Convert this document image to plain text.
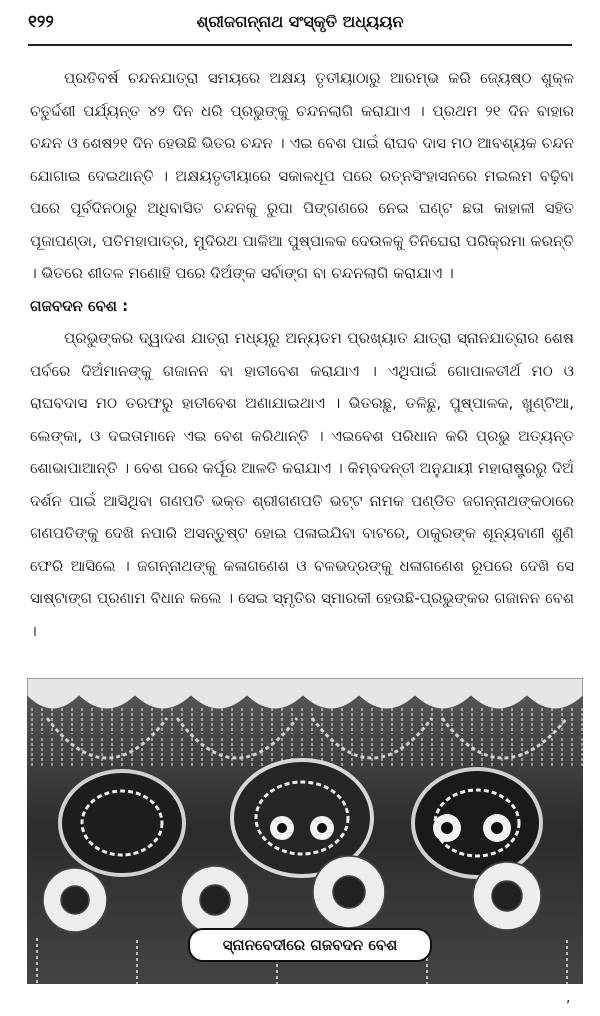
୧୨୨	ଶ୍ରୀଜଗନ୍ନାଥ ସଂସ୍କୃତି ଅଧ୍ୟୟନ

ପ୍ରତିବର୍ଷ ଚନ୍ଦନଯାତ୍ରା ସମୟରେ ଅକ୍ଷୟ ତୃତୀୟାଠାରୁ ଆରମ୍ଭ କରି ଜ୍ୟେଷ୍ଠ ଶୁକ୍ଳ ଚତୁର୍ଦ୍ଦଶୀ ପର୍ଯ୍ୟନ୍ତ ୪୨ ଦିନ ଧରି ପ୍ରଭୁଙ୍କୁ ଚନ୍ଦନଲାଗି କରାଯାଏ । ପ୍ରଥମ ୨୧ ଦିନ ବାହାର ଚନ୍ଦନ ଓ ଶେଷ୨୧ ଦିନ ହେଉଛି ଭିତର ଚନ୍ଦନ । ଏଇ ବେଶ ପାଇଁ ରାଘବ ଦାସ ମଠ ଆବଶ୍ୟକ ଚନ୍ଦନ ଯୋଗାଇ ଦେଇଥାନ୍ତି । ଅକ୍ଷୟତୃତୀୟାରେ ସକାଳଧୂପ ପରେ ରତ୍ନସିଂହାସନରେ ମଇଲମ ବଢ଼ିବା ପରେ ପୂର୍ବଦିନଠାରୁ ଅଧିବାସିତ ଚନ୍ଦନକୁ ରୁପା ପିଙ୍ଗଣରେ ନେଇ ଘଣ୍ଟ ଛତା କାହାଳୀ ସହିତ ପୂଜାପଣ୍ଡା, ପତିମହାପାତ୍ର, ମୁଦିରଥ ପାଳିଆ ପୁଷ୍ପାଳକ ଦେଉଳକୁ ତିନିଘେରା ପରିକ୍ରମା କରନ୍ତି । ଭିତରେ ଶୀତଳ ମଣୋହି ପରେ ଦିଅଁଙ୍କ ସର୍ବାଙ୍ଗ ବା ଚନ୍ଦନଲାଗି କରାଯାଏ ।

ଗଜବଦନ ବେଶ :

ପ୍ରଭୁଙ୍କର ଦ୍ୱାଦଶ ଯାତ୍ରା ମଧ୍ୟରୁ ଅନ୍ୟତମ ପ୍ରଖ୍ୟାତ ଯାତ୍ରା ସ୍ନାନଯାତ୍ରାର ଶେଷ ପର୍ବରେ ଦିଅଁମାନଙ୍କୁ ଗଜାନନ ବା ହାତୀବେଶ କରାଯାଏ । ଏଥିପାଇଁ ଗୋପାଳତୀର୍ଥ ମଠ ଓ ରାଘବଦାସ ମଠ ତରଫରୁ ହାତୀବେଶ ଅଣାଯାଇଥାଏ । ଭିତରଛୁ, ତଳିଛୁ, ପୁଷ୍ପାଳକ, ଖୁଣ୍ଟିଆ, ଲେଙ୍କା, ଓ ଦଇତାମାନେ ଏଇ ବେଶ କରିଥାନ୍ତି । ଏଇବେଶ ପରିଧାନ କରି ପ୍ରଭୁ ଅତ୍ୟନ୍ତ ଶୋଭାପାଆନ୍ତି । ବେଶ ପରେ କର୍ପୂର ଆଳତି କରାଯାଏ । କିମ୍ବଦନ୍ତୀ ଅନୁଯାୟୀ ମହାରାଷ୍ଟ୍ରରୁ ଦିଅଁ ଦର୍ଶନ ପାଇଁ ଆସିଥିବା ଗଣପତି ଭକ୍ତ ଶ୍ରୀଗଣପତି ଭଟ୍ଟ ନାମକ ପଣ୍ଡିତ ଜଗନ୍ନାଥଙ୍କଠାରେ ଗଣପତିଙ୍କୁ ଦେଖି ନପାରି ଅସନ୍ତୁଷ୍ଟ ହୋଇ ପଳାଇଯିବା ବାଟରେ, ଠାକୁରଙ୍କ ଶୂନ୍ୟବାଣୀ ଶୁଣି ଫେରି ଆସିଲେ । ଜଗନ୍ନାଥଙ୍କୁ କଳାଗଣେଶ ଓ ବଳଭଦ୍ରଙ୍କୁ ଧଳାଗଣେଶ ରୂପରେ ଦେଖି ସେ ସାଷ୍ଟାଙ୍ଗ ପ୍ରଣାମ ବିଧାନ କଲେ । ସେଇ ସ୍ମୃତିର ସ୍ମାରକୀ ହେଉଛି-ପ୍ରଭୁଙ୍କର ଗଜାନନ ବେଶ ।

ସ୍ନାନବେଦୀରେ ଗଜବଦନ ବେଶ
,
